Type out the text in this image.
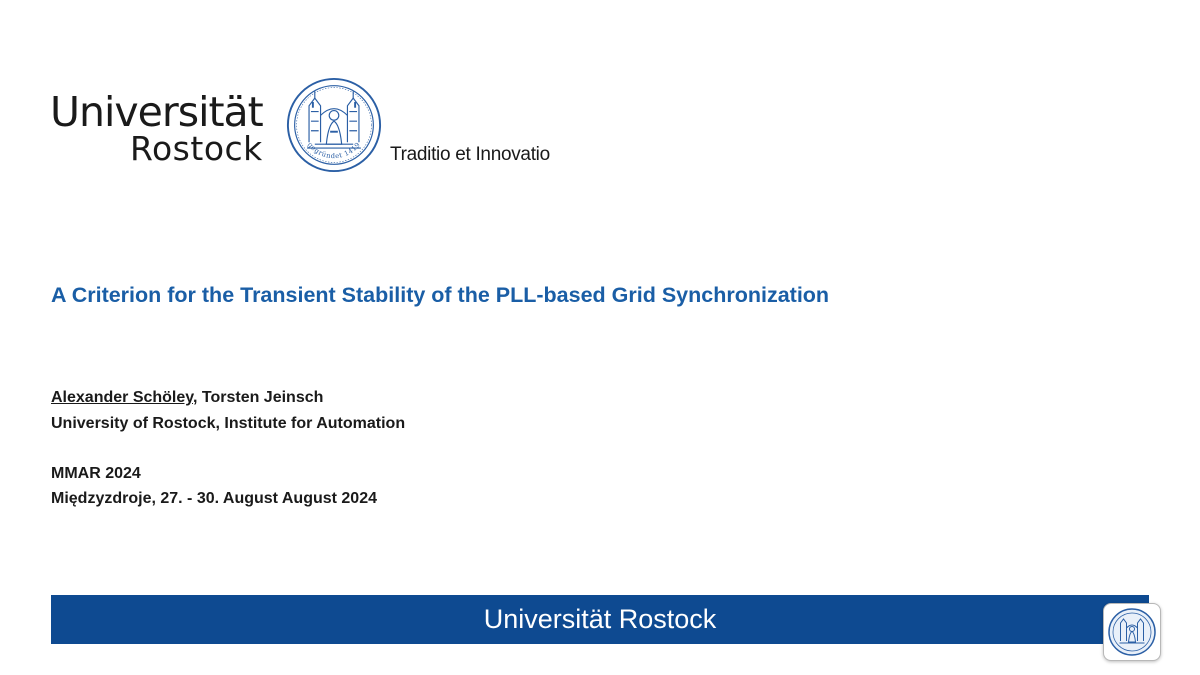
Universität
Rostock	gegründet 1419 Traditio et Innovatio
A Criterion for the Transient Stability of the PLL-based Grid Synchronization
Alexander Schöley, Torsten Jeinsch
University of Rostock, Institute for Automation
MMAR 2024
Międzyzdroje, 27. - 30. August August 2024
Universität Rostock
